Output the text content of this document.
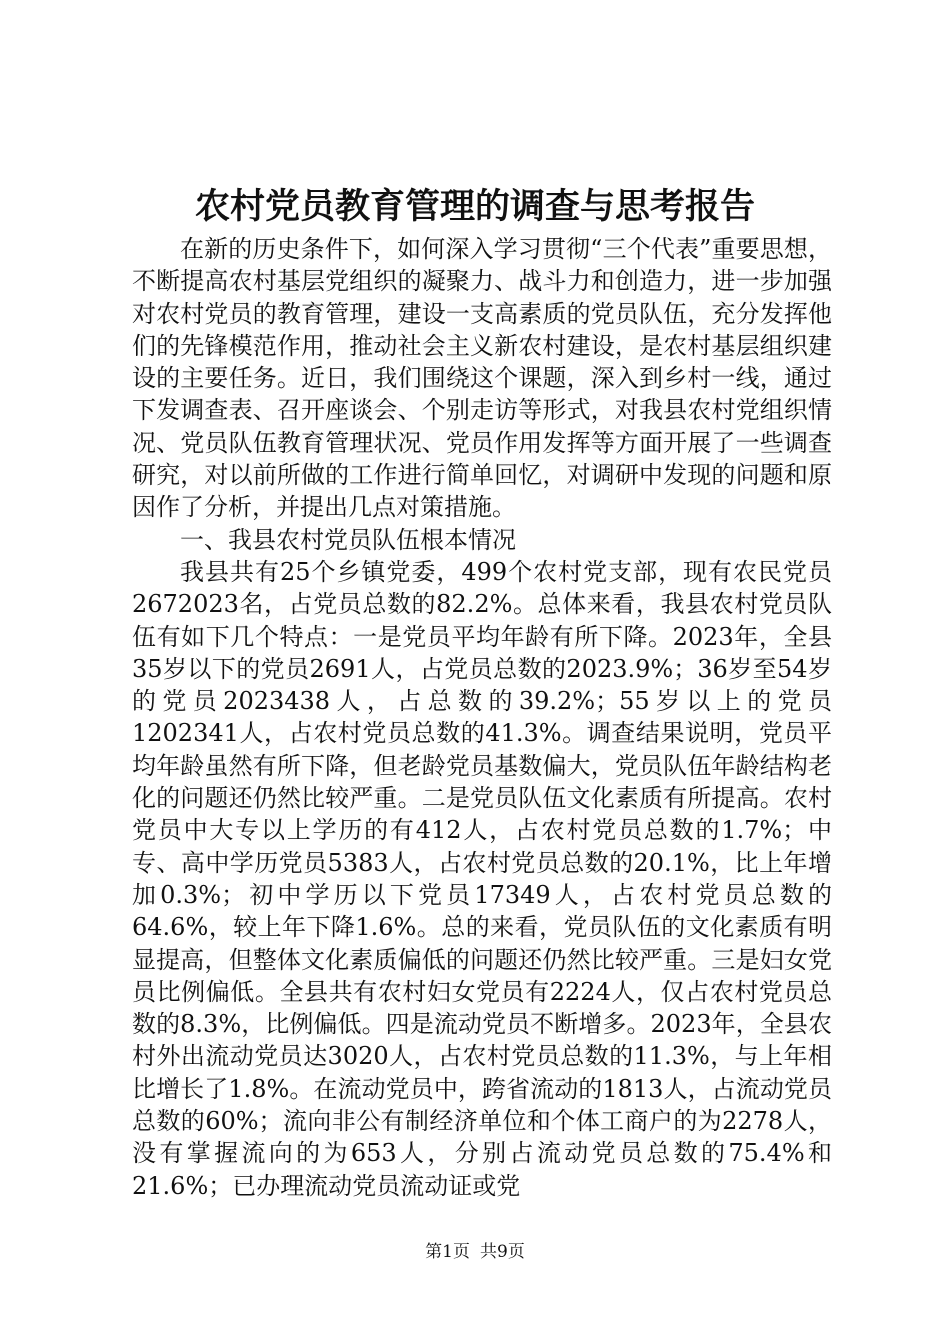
农村党员教育管理的调查与思考报告

在新的历史条件下，如何深入学习贯彻“三个代表”重要思想，不断提高农村基层党组织的凝聚力、战斗力和创造力，进一步加强对农村党员的教育管理，建设一支高素质的党员队伍，充分发挥他们的先锋模范作用，推动社会主义新农村建设，是农村基层组织建设的主要任务。近日，我们围绕这个课题，深入到乡村一线，通过下发调查表、召开座谈会、个别走访等形式，对我县农村党组织情况、党员队伍教育管理状况、党员作用发挥等方面开展了一些调查研究，对以前所做的工作进行简单回忆，对调研中发现的问题和原因作了分析，并提出几点对策措施。

一、我县农村党员队伍根本情况

我县共有25个乡镇党委，499个农村党支部，现有农民党员2672023名，占党员总数的82.2%。总体来看，我县农村党员队伍有如下几个特点：一是党员平均年龄有所下降。2023年，全县35岁以下的党员2691人，占党员总数的2023.9%；36岁至54岁的党员2023438人，占总数的39.2%；55岁以上的党员1202341人，占农村党员总数的41.3%。调查结果说明，党员平均年龄虽然有所下降，但老龄党员基数偏大，党员队伍年龄结构老化的问题还仍然比较严重。二是党员队伍文化素质有所提高。农村党员中大专以上学历的有412人，占农村党员总数的1.7%；中专、高中学历党员5383人，占农村党员总数的20.1%，比上年增加0.3%；初中学历以下党员17349人，占农村党员总数的64.6%，较上年下降1.6%。总的来看，党员队伍的文化素质有明显提高，但整体文化素质偏低的问题还仍然比较严重。三是妇女党员比例偏低。全县共有农村妇女党员有2224人，仅占农村党员总数的8.3%，比例偏低。四是流动党员不断增多。2023年，全县农村外出流动党员达3020人，占农村党员总数的11.3%，与上年相比增长了1.8%。在流动党员中，跨省流动的1813人，占流动党员总数的60%；流向非公有制经济单位和个体工商户的为2278人，没有掌握流向的为653人，分别占流动党员总数的75.4%和21.6%；已办理流动党员流动证或党

第1页 共9页
